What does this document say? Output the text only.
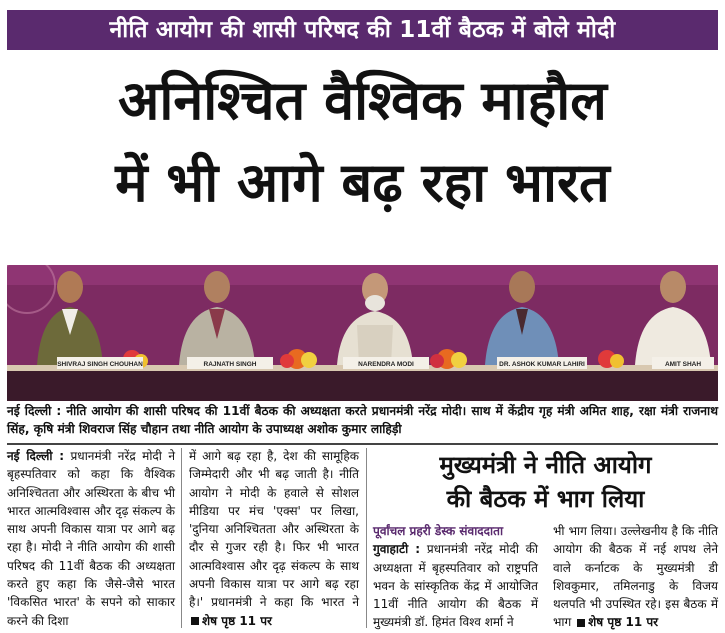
नीति आयोग की शासी परिषद की 11वीं बैठक में बोले मोदी
अनिश्चित वैश्विक माहौल
में भी आगे बढ़ रहा भारत
SHIVRAJ SINGH CHOUHAN	RAJNATH SINGH	NARENDRA MODI	DR. ASHOK KUMAR LAHIRI	AMIT SHAH
नई दिल्ली : नीति आयोग की शासी परिषद की 11वीं बैठक की अध्यक्षता करते प्रधानमंत्री नरेंद्र मोदी। साथ में केंद्रीय गृह मंत्री अमित शाह, रक्षा मंत्री राजनाथ सिंह, कृषि मंत्री शिवराज सिंह चौहान तथा नीति आयोग के उपाध्यक्ष अशोक कुमार लाहिड़ी

नई दिल्ली : प्रधानमंत्री नरेंद्र मोदी ने बृहस्पतिवार को कहा कि वैश्विक अनिश्चितता और अस्थिरता के बीच भी भारत आत्मविश्वास और दृढ़ संकल्प के साथ अपनी विकास यात्रा पर आगे बढ़ रहा है। मोदी ने नीति आयोग की शासी परिषद की 11वीं बैठक की अध्यक्षता करते हुए कहा कि जैसे-जैसे भारत 'विकसित भारत' के सपने को साकार करने की दिशा

में आगे बढ़ रहा है, देश की सामूहिक जिम्मेदारी और भी बढ़ जाती है। नीति आयोग ने मोदी के हवाले से सोशल मीडिया पर मंच 'एक्स' पर लिखा, 'दुनिया अनिश्चितता और अस्थिरता के दौर से गुजर रही है। फिर भी भारत आत्मविश्वास और दृढ़ संकल्प के साथ अपनी विकास यात्रा पर आगे बढ़ रहा है।' प्रधानमंत्री ने कहा कि भारत ने शेष पृष्ठ 11 पर

मुख्यमंत्री ने नीति आयोग
की बैठक में भाग लिया

पूर्वांचल प्रहरी डेस्क संवाददाता

गुवाहाटी : प्रधानमंत्री नरेंद्र मोदी की अध्यक्षता में बृहस्पतिवार को राष्ट्रपति भवन के सांस्कृतिक केंद्र में आयोजित 11वीं नीति आयोग की बैठक में मुख्यमंत्री डॉ. हिमंत विश्व शर्मा ने

भी भाग लिया। उल्लेखनीय है कि नीति आयोग की बैठक में नई शपथ लेने वाले कर्नाटक के मुख्यमंत्री डी शिवकुमार, तमिलनाडु के विजय थलपति भी उपस्थित रहे। इस बैठक में भाग शेष पृष्ठ 11 पर
